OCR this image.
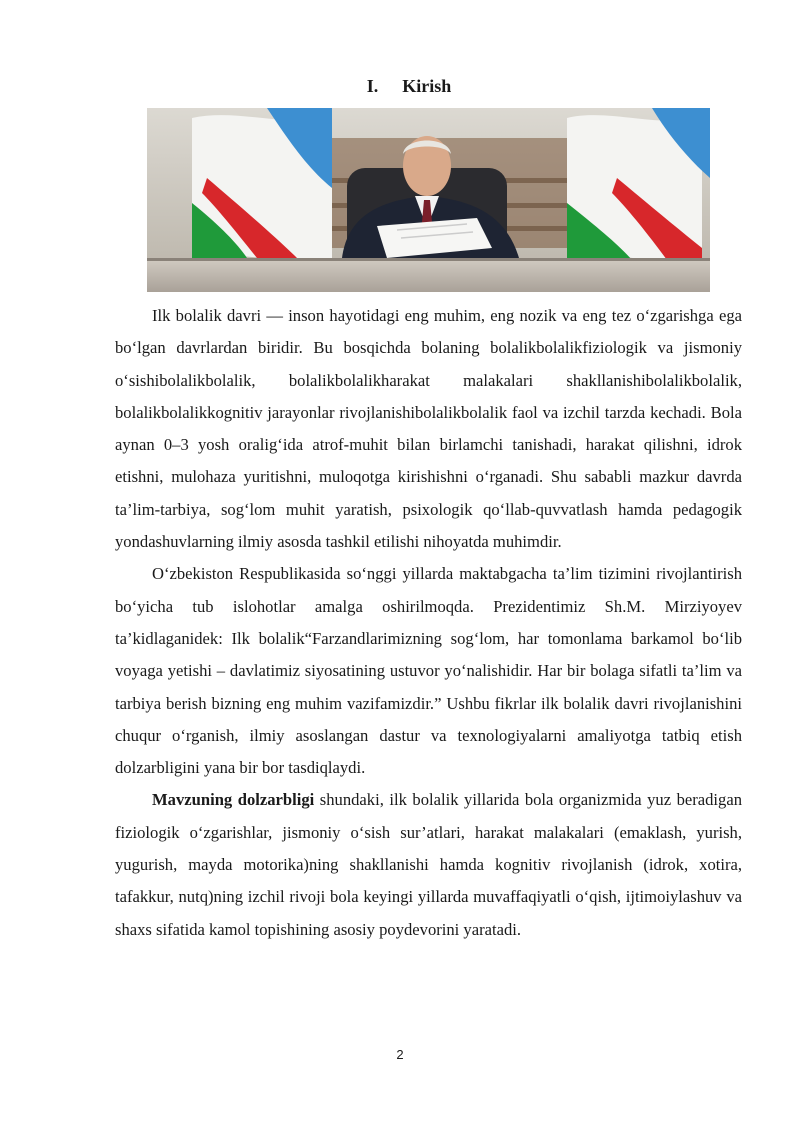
I. Kirish

Ilk bolalik davri — inson hayotidagi eng muhim, eng nozik va eng tez oʻzgarishga ega boʻlgan davrlardan biridir. Bu bosqichda bolaning bolalikbolalikfiziologik va jismoniy oʻsishibolalikbolalik, bolalikbolalikharakat malakalari shakllanishibolalikbolalik, bolalikbolalikkognitiv jarayonlar rivojlanishibolalikbolalik faol va izchil tarzda kechadi. Bola aynan 0–3 yosh oraligʻida atrof-muhit bilan birlamchi tanishadi, harakat qilishni, idrok etishni, mulohaza yuritishni, muloqotga kirishishni oʻrganadi. Shu sababli mazkur davrda ta’lim-tarbiya, sogʻlom muhit yaratish, psixologik qoʻllab-quvvatlash hamda pedagogik yondashuvlarning ilmiy asosda tashkil etilishi nihoyatda muhimdir.

Oʻzbekiston Respublikasida soʻnggi yillarda maktabgacha ta’lim tizimini rivojlantirish boʻyicha tub islohotlar amalga oshirilmoqda. Prezidentimiz Sh.M. Mirziyoyev ta’kidlaganidek: Ilk bolalik“Farzandlarimizning sogʻlom, har tomonlama barkamol boʻlib voyaga yetishi – davlatimiz siyosatining ustuvor yoʻnalishidir. Har bir bolaga sifatli ta’lim va tarbiya berish bizning eng muhim vazifamizdir.” Ushbu fikrlar ilk bolalik davri rivojlanishini chuqur oʻrganish, ilmiy asoslangan dastur va texnologiyalarni amaliyotga tatbiq etish dolzarbligini yana bir bor tasdiqlaydi.

Mavzuning dolzarbligi shundaki, ilk bolalik yillarida bola organizmida yuz beradigan fiziologik oʻzgarishlar, jismoniy oʻsish sur’atlari, harakat malakalari (emaklash, yurish, yugurish, mayda motorika)ning shakllanishi hamda kognitiv rivojlanish (idrok, xotira, tafakkur, nutq)ning izchil rivoji bola keyingi yillarda muvaffaqiyatli oʻqish, ijtimoiylashuv va shaxs sifatida kamol topishining asosiy poydevorini yaratadi.

2
